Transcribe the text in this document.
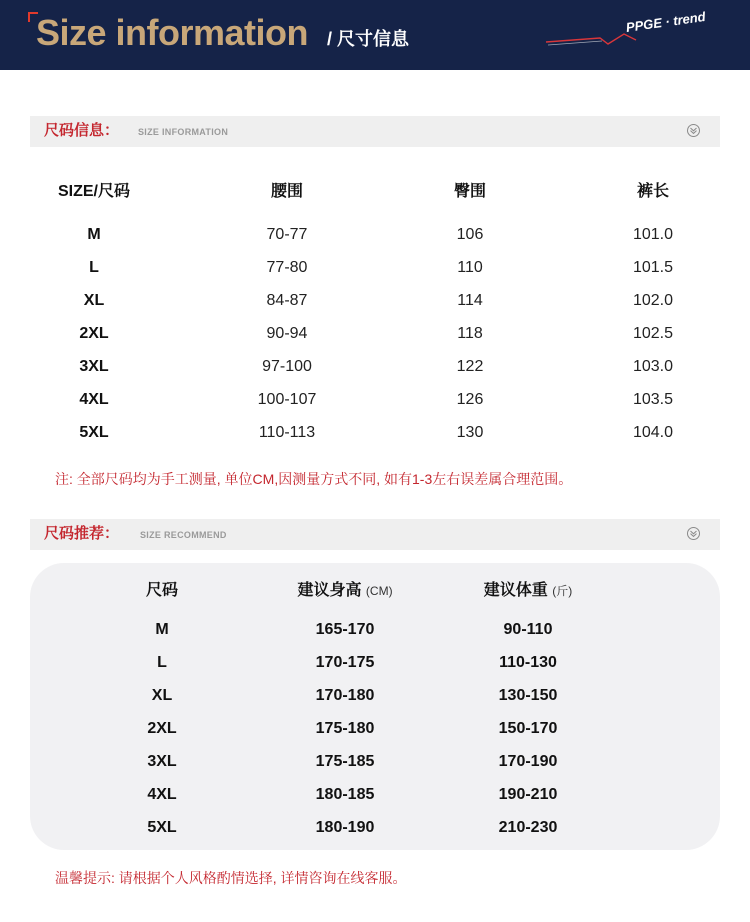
Size information / 尺寸信息
PPGE · trend
尺码信息： SIZE INFORMATION
SIZE/尺码	腰围	臀围	裤长
M	70-77	106	101.0
L	77-80	110	101.5
XL	84-87	114	102.0
2XL	90-94	118	102.5
3XL	97-100	122	103.0
4XL	100-107	126	103.5
5XL	110-113	130	104.0
注: 全部尺码均为手工测量, 单位CM,因测量方式不同, 如有1-3左右误差属合理范围。
尺码推荐： SIZE RECOMMEND
尺码	建议身高 (CM)	建议体重 (斤)
M	165-170	90-110
L	170-175	110-130
XL	170-180	130-150
2XL	175-180	150-170
3XL	175-185	170-190
4XL	180-185	190-210
5XL	180-190	210-230
温馨提示: 请根据个人风格酌情选择, 详情咨询在线客服。
